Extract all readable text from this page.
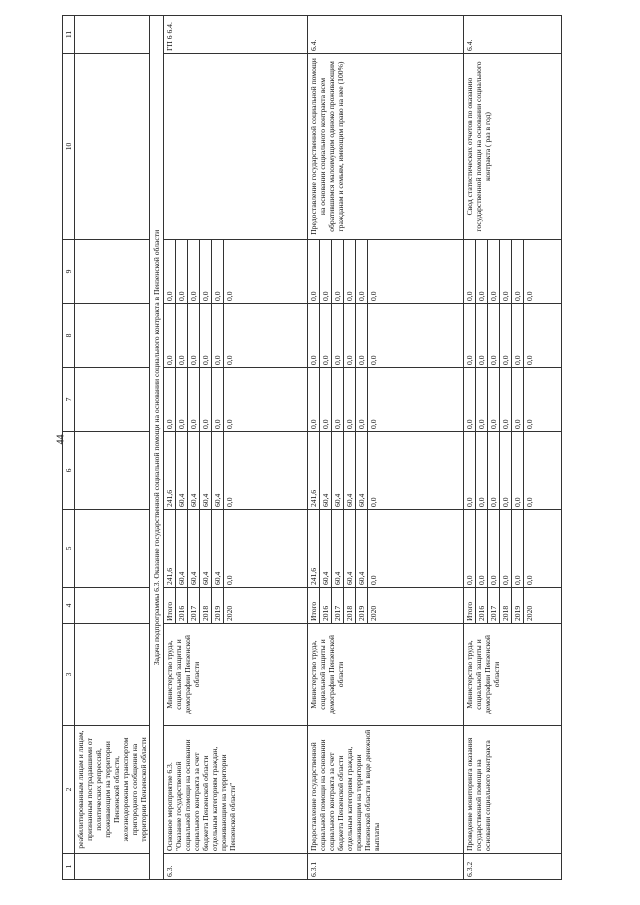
44
1	2	3	4	5	6	7	8	9	10	11
	реабилитированным лицам и лицам, признанным пострадавшими от политических репрессий, проживающим на территории Пензенской области, железнодорожным транспортом пригородного сообщения на территории Пензенской области									
Задача подпрограммы 6.3. Оказание государственной социальной помощи на основании социального контракта в Пензенской области										
6.3.	Основное мероприятие 6.3. "Оказание государственной социальной помощи на основании социального контракта за счет бюджета Пензенской области отдельным категориям граждан, проживающим на территории Пензенской области"	Министерство труда, социальной защиты и демографии Пензенской области	Итого	241,6	241,6	0,0	0,0	0,0		ГП 6 6.4.
			2016	60,4	60,4	0,0	0,0	0,0		
			2017	60,4	60,4	0,0	0,0	0,0		
			2018	60,4	60,4	0,0	0,0	0,0		
			2019	60,4	60,4	0,0	0,0	0,0		
			2020	0,0	0,0	0,0	0,0	0,0		
6.3.1	Предоставление государственной социальной помощи на основании социального контракта за счет бюджета Пензенской области отдельным категориям граждан, проживающим на территории Пензенской области в виде денежной выплаты	Министерство труда, социальной защиты и демографии Пензенской области	Итого	241,6	241,6	0,0	0,0	0,0	Предоставление государственной социальной помощи на основании социального контракта всем обратившимся малоимущим одиноко проживающим гражданам и семьям, имеющим право на нее (100%)	6.4.
			2016	60,4	60,4	0,0	0,0	0,0		
			2017	60,4	60,4	0,0	0,0	0,0		
			2018	60,4	60,4	0,0	0,0	0,0		
			2019	60,4	60,4	0,0	0,0	0,0		
			2020	0,0	0,0	0,0	0,0	0,0		
6.3.2	Проведение мониторинга оказания государственной помощи на основании социального контракта	Министерство труда, социальной защиты и демографии Пензенской области	Итого	0,0	0,0	0,0	0,0	0,0	Свод статистических отчетов по оказанию государственной помощи на основании социального контракта ( раз в год)	6.4.
			2016	0,0	0,0	0,0	0,0	0,0		
			2017	0,0	0,0	0,0	0,0	0,0		
			2018	0,0	0,0	0,0	0,0	0,0		
			2019	0,0	0,0	0,0	0,0	0,0		
			2020	0,0	0,0	0,0	0,0	0,0		
